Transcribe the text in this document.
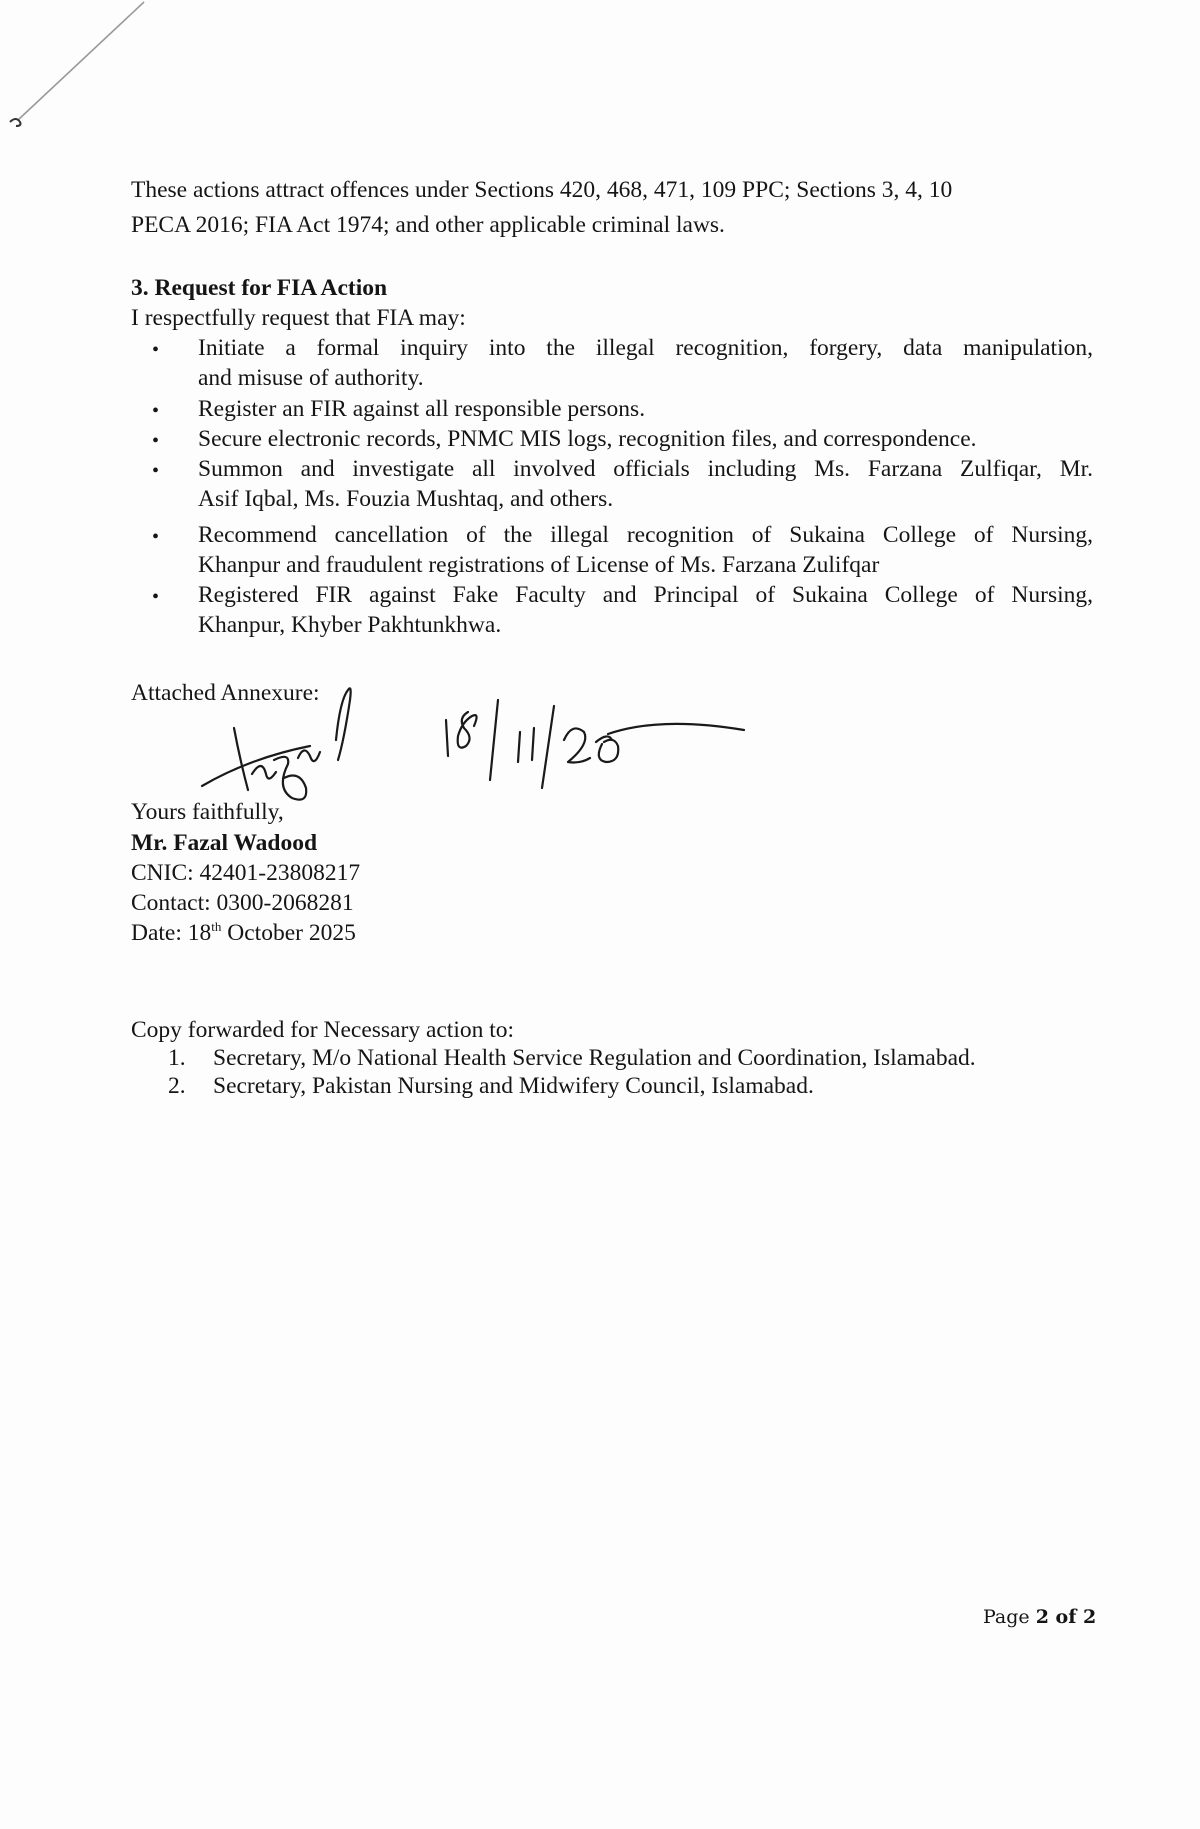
These actions attract offences under Sections 420, 468, 471, 109 PPC; Sections 3, 4, 10
PECA 2016; FIA Act 1974; and other applicable criminal laws.
3. Request for FIA Action
I respectfully request that FIA may:
• Initiate a formal inquiry into the illegal recognition, forgery, data manipulation,
and misuse of authority.
• Register an FIR against all responsible persons.
• Secure electronic records, PNMC MIS logs, recognition files, and correspondence.
• Summon and investigate all involved officials including Ms. Farzana Zulfiqar, Mr.
Asif Iqbal, Ms. Fouzia Mushtaq, and others.
• Recommend cancellation of the illegal recognition of Sukaina College of Nursing,
Khanpur and fraudulent registrations of License of Ms. Farzana Zulifqar
• Registered FIR against Fake Faculty and Principal of Sukaina College of Nursing,
Khanpur, Khyber Pakhtunkhwa.
Attached Annexure:
Yours faithfully,
Mr. Fazal Wadood
CNIC: 42401-23808217
Contact: 0300-2068281
Date: 18th October 2025
Copy forwarded for Necessary action to:
1. Secretary, M/o National Health Service Regulation and Coordination, Islamabad.
2. Secretary, Pakistan Nursing and Midwifery Council, Islamabad.
Page 2 of 2
